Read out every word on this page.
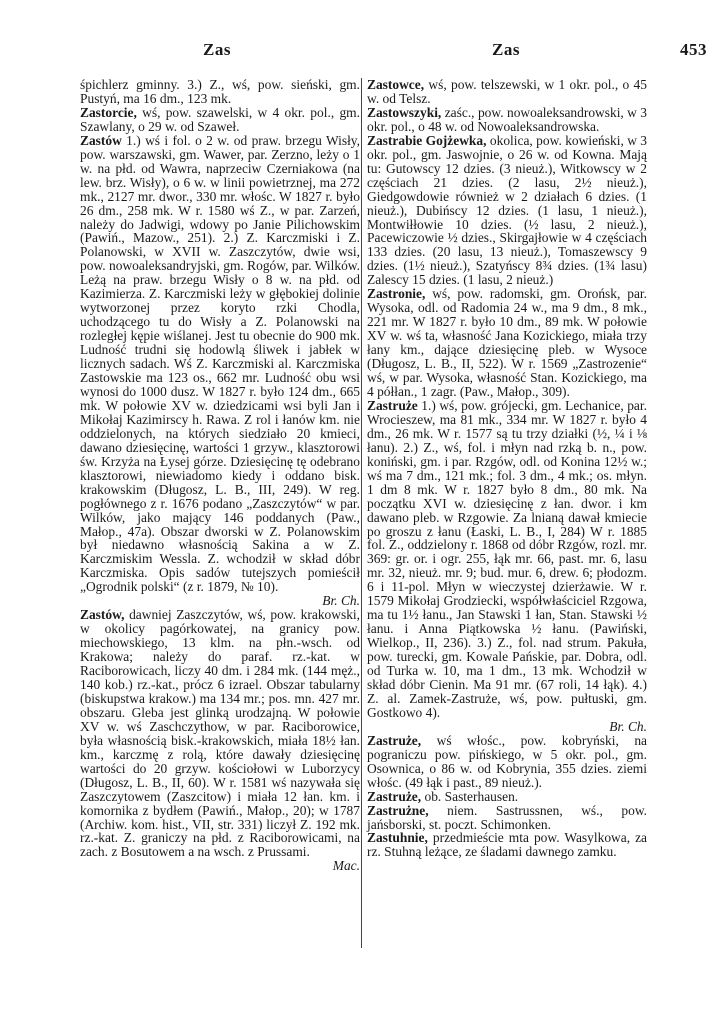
Zas	Zas	453

śpichlerz gminny. 3.) Z., wś, pow. sieński, gm. Pustyń, ma 16 dm., 123 mk.

Zastorcie, wś, pow. szawelski, w 4 okr. pol., gm. Szawlany, o 29 w. od Szaweł.

Zastów 1.) wś i fol. o 2 w. od praw. brzegu Wisły, pow. warszawski, gm. Wawer, par. Zerzno, leży o 1 w. na płd. od Wawra, naprzeciw Czerniakowa (na lew. brz. Wisły), o 6 w. w linii powietrznej, ma 272 mk., 2127 mr. dwor., 330 mr. włośc. W 1827 r. było 26 dm., 258 mk. W r. 1580 wś Z., w par. Zarzeń, należy do Jadwigi, wdowy po Janie Pilichowskim (Pawiń., Mazow., 251). 2.) Z. Karczmiski i Z. Polanowski, w XVII w. Zaszczytów, dwie wsi, pow. nowoaleksandryjski, gm. Rogów, par. Wilków. Leżą na praw. brzegu Wisły o 8 w. na płd. od Kazimierza. Z. Karczmiski leży w głębokiej dolinie wytworzonej przez koryto rzki Chodla, uchodzącego tu do Wisły a Z. Polanowski na rozległej kępie wiślanej. Jest tu obecnie do 900 mk. Ludność trudni się hodowlą śliwek i jabłek w licznych sadach. Wś Z. Karczmiski al. Karczmiska Zastowskie ma 123 os., 662 mr. Ludność obu wsi wynosi do 1000 dusz. W 1827 r. było 124 dm., 665 mk. W połowie XV w. dziedzicami wsi byli Jan i Mikołaj Kazimirscy h. Rawa. Z rol i łanów km. nie oddzielonych, na których siedziało 20 kmieci, dawano dziesięcinę, wartości 1 grzyw., klasztorowi św. Krzyża na Łysej górze. Dziesięcinę tę odebrano klasztorowi, niewiadomo kiedy i oddano bisk. krakowskim (Długosz, L. B., III, 249). W reg. pogłównego z r. 1676 podano „Zaszczytów“ w par. Wilków, jako mający 146 poddanych (Paw., Małop., 47a). Obszar dworski w Z. Polanowskim był niedawno własnością Sakina a w Z. Karczmiskim Wessla. Z. wchodził w skład dóbr Karczmiska. Opis sadów tutejszych pomieścił „Ogrodnik polski“ (z r. 1879, № 10).
Br. Ch.

Zastów, dawniej Zaszczytów, wś, pow. krakowski, w okolicy pagórkowatej, na granicy pow. miechowskiego, 13 klm. na płn.-wsch. od Krakowa; należy do paraf. rz.-kat. w Raciborowicach, liczy 40 dm. i 284 mk. (144 męż., 140 kob.) rz.-kat., prócz 6 izrael. Obszar tabularny (biskupstwa krakow.) ma 134 mr.; pos. mn. 427 mr. obszaru. Gleba jest glinką urodzajną. W połowie XV w. wś Zaschczythow, w par. Raciborowice, była własnością bisk.-krakowskich, miała 18½ łan. km., karczmę z rolą, które dawały dziesięcinę wartości do 20 grzyw. kościołowi w Luborzycy (Długosz, L. B., II, 60). W r. 1581 wś nazywała się Zaszczytowem (Zaszcitow) i miała 12 łan. km. i komornika z bydłem (Pawiń., Małop., 20); w 1787 (Archiw. kom. hist., VII, str. 331) liczył Z. 192 mk. rz.-kat. Z. graniczy na płd. z Raciborowicami, na zach. z Bosutowem a na wsch. z Prussami.
Mac.

Zastowce, wś, pow. telszewski, w 1 okr. pol., o 45 w. od Telsz.

Zastowszyki, zaśc., pow. nowoaleksandrowski, w 3 okr. pol., o 48 w. od Nowoaleksandrowska.

Zastrabie Gojżewka, okolica, pow. kowieński, w 3 okr. pol., gm. Jaswojnie, o 26 w. od Kowna. Mają tu: Gutowscy 12 dzies. (3 nieuż.), Witkowscy w 2 częściach 21 dzies. (2 lasu, 2½ nieuż.), Giedgowdowie również w 2 działach 6 dzies. (1 nieuż.), Dubińscy 12 dzies. (1 lasu, 1 nieuż.), Montwiłłowie 10 dzies. (½ lasu, 2 nieuż.), Pacewiczowie ½ dzies., Skirgajłowie w 4 częściach 133 dzies. (20 lasu, 13 nieuż.), Tomaszewscy 9 dzies. (1½ nieuż.), Szatyńscy 8¾ dzies. (1¾ lasu) Zalescy 15 dzies. (1 lasu, 2 nieuż.)

Zastronie, wś, pow. radomski, gm. Orońsk, par. Wysoka, odl. od Radomia 24 w., ma 9 dm., 8 mk., 221 mr. W 1827 r. było 10 dm., 89 mk. W połowie XV w. wś ta, własność Jana Kozickiego, miała trzy łany km., dające dziesięcinę pleb. w Wysoce (Długosz, L. B., II, 522). W r. 1569 „Zastrozenie“ wś, w par. Wysoka, własność Stan. Kozickiego, ma 4 półłan., 1 zagr. (Paw., Małop., 309).

Zastruże 1.) wś, pow. grójecki, gm. Lechanice, par. Wrocieszew, ma 81 mk., 334 mr. W 1827 r. było 4 dm., 26 mk. W r. 1577 są tu trzy działki (½, ¼ i ⅛ łanu). 2.) Z., wś, fol. i młyn nad rzką b. n., pow. koniński, gm. i par. Rzgów, odl. od Konina 12½ w.; wś ma 7 dm., 121 mk.; fol. 3 dm., 4 mk.; os. młyn. 1 dm 8 mk. W r. 1827 było 8 dm., 80 mk. Na początku XVI w. dziesięcinę z łan. dwor. i km dawano pleb. w Rzgowie. Za lnianą dawał kmiecie po groszu z łanu (Łaski, L. B., I, 284) W r. 1885 fol. Z., oddzielony r. 1868 od dóbr Rzgów, rozl. mr. 369: gr. or. i ogr. 255, łąk mr. 66, past. mr. 6, lasu mr. 32, nieuż. mr. 9; bud. mur. 6, drew. 6; płodozm. 6 i 11-pol. Młyn w wieczystej dzierżawie. W r. 1579 Mikołaj Grodziecki, współwłaściciel Rzgowa, ma tu 1½ łanu., Jan Stawski 1 łan, Stan. Stawski ½ łanu. i Anna Piątkowska ½ łanu. (Pawiński, Wielkop., II, 236). 3.) Z., fol. nad strum. Pakuła, pow. turecki, gm. Kowale Pańskie, par. Dobra, odl. od Turka w. 10, ma 1 dm., 13 mk. Wchodził w skład dóbr Cienin. Ma 91 mr. (67 roli, 14 łąk). 4.) Z. al. Zamek-Zastruże, wś, pow. pułtuski, gm. Gostkowo 4).
Br. Ch.

Zastruże, wś włośc., pow. kobryński, na pograniczu pow. pińskiego, w 5 okr. pol., gm. Osownica, o 86 w. od Kobrynia, 355 dzies. ziemi włośc. (49 łąk i past., 89 nieuż.).

Zastruże, ob. Sasterhausen.

Zastrużne, niem. Sastrussnen, wś., pow. jańsborski, st. poczt. Schimonken.

Zastuhnie, przedmieście mta pow. Wasylkowa, za rz. Stuhną leżące, ze śladami dawnego zamku.
